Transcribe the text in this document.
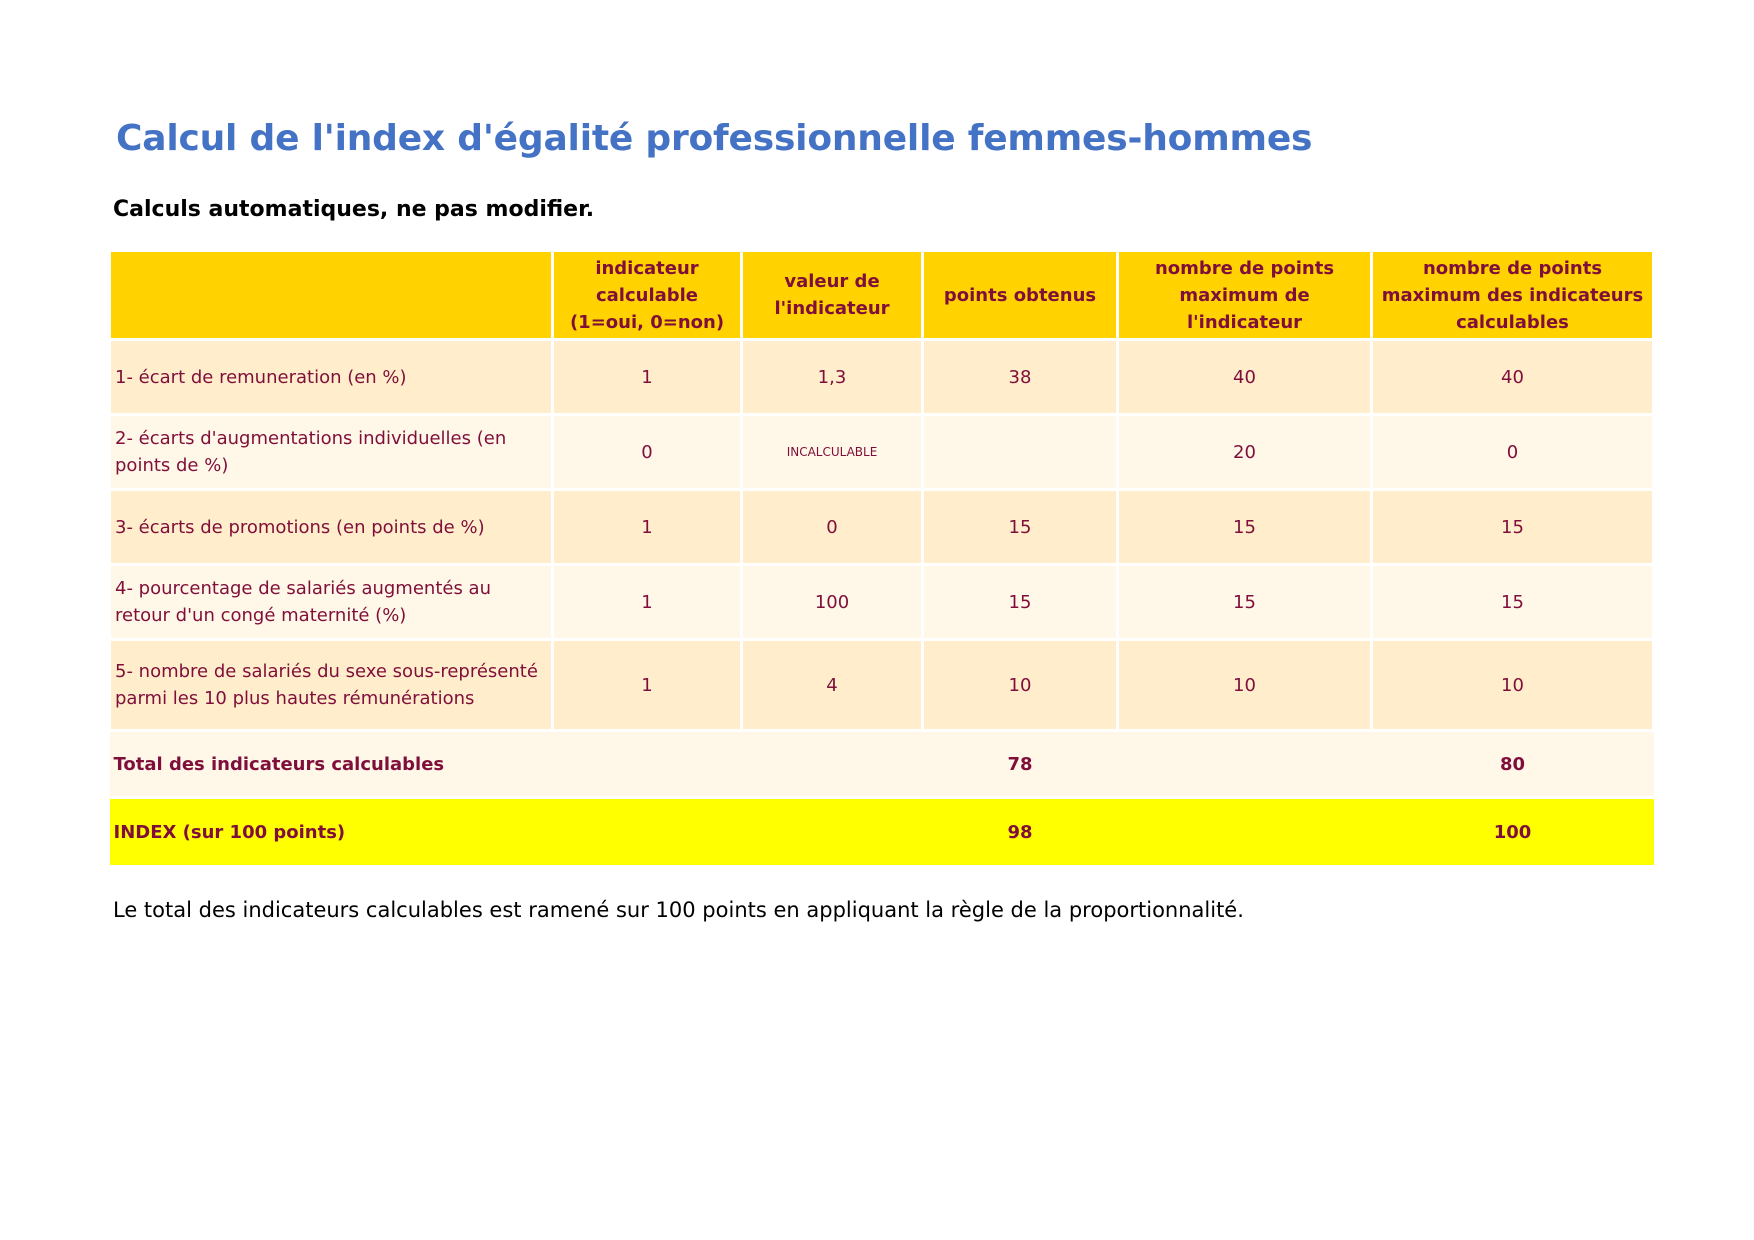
Calcul de l'index d'égalité professionnelle femmes-hommes
Calculs automatiques, ne pas modifier.
	indicateur calculable (1=oui, 0=non)	valeur de l'indicateur	points obtenus	nombre de points maximum de l'indicateur	nombre de points maximum des indicateurs calculables
1- écart de remuneration (en %)	1	1,3	38	40	40
2- écarts d'augmentations individuelles (en points de %)	0	INCALCULABLE		20	0
3- écarts de promotions (en points de %)	1	0	15	15	15
4- pourcentage de salariés augmentés au retour d'un congé maternité (%)	1	100	15	15	15
5- nombre de salariés du sexe sous-représenté parmi les 10 plus hautes rémunérations	1	4	10	10	10
Total des indicateurs calculables			78		80
INDEX (sur 100 points)			98		100
Le total des indicateurs calculables est ramené sur 100 points en appliquant la règle de la proportionnalité.
